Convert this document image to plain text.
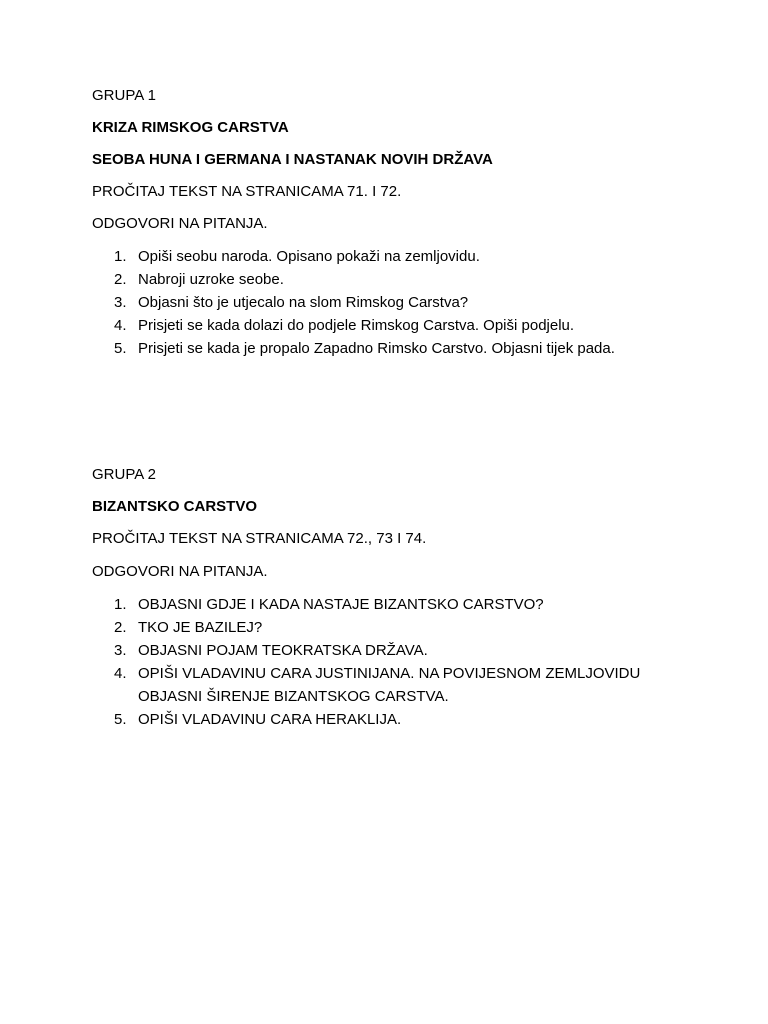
GRUPA 1

KRIZA RIMSKOG CARSTVA

SEOBA HUNA I GERMANA I NASTANAK NOVIH DRŽAVA

PROČITAJ TEKST NA STRANICAMA 71. I 72.

ODGOVORI NA PITANJA.

1. Opiši seobu naroda. Opisano pokaži na zemljovidu.
2. Nabroji uzroke seobe.
3. Objasni što je utjecalo na slom Rimskog Carstva?
4. Prisjeti se kada dolazi do podjele Rimskog Carstva. Opiši podjelu.
5. Prisjeti se kada je propalo Zapadno Rimsko Carstvo. Objasni tijek pada.

GRUPA 2

BIZANTSKO CARSTVO

PROČITAJ TEKST NA STRANICAMA 72., 73 I 74.

ODGOVORI NA PITANJA.

1. OBJASNI GDJE I KADA NASTAJE BIZANTSKO CARSTVO?
2. TKO JE BAZILEJ?
3. OBJASNI POJAM TEOKRATSKA DRŽAVA.
4. OPIŠI VLADAVINU CARA JUSTINIJANA. NA POVIJESNOM ZEMLJOVIDU OBJASNI ŠIRENJE BIZANTSKOG CARSTVA.
5. OPIŠI VLADAVINU CARA HERAKLIJA.
